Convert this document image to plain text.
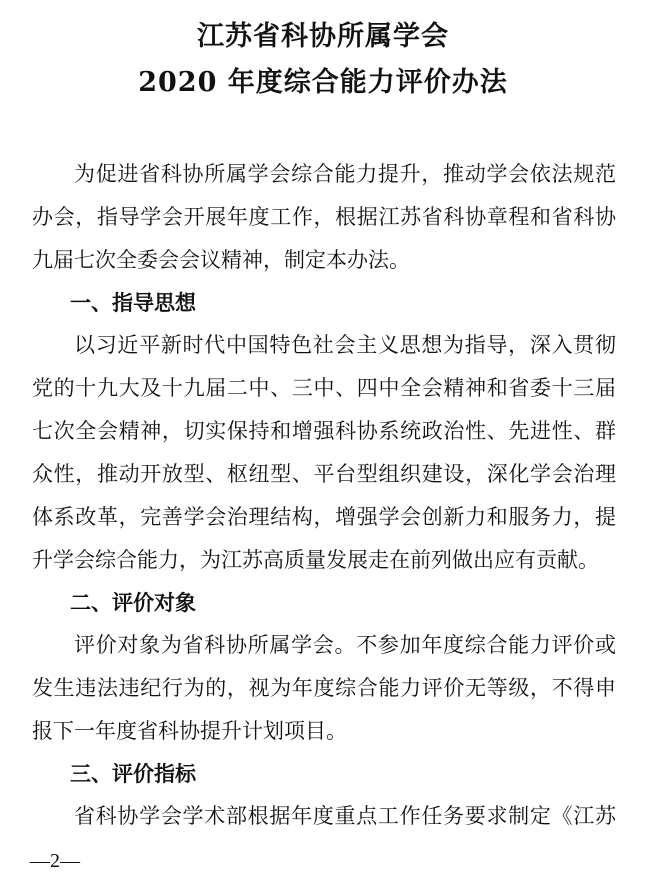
江苏省科协所属学会
2020 年度综合能力评价办法
为促进省科协所属学会综合能力提升，推动学会依法规范
办会，指导学会开展年度工作，根据江苏省科协章程和省科协
九届七次全委会会议精神，制定本办法。
一、指导思想
以习近平新时代中国特色社会主义思想为指导，深入贯彻
党的十九大及十九届二中、三中、四中全会精神和省委十三届
七次全会精神，切实保持和增强科协系统政治性、先进性、群
众性，推动开放型、枢纽型、平台型组织建设，深化学会治理
体系改革，完善学会治理结构，增强学会创新力和服务力，提
升学会综合能力，为江苏高质量发展走在前列做出应有贡献。
二、评价对象
评价对象为省科协所属学会。不参加年度综合能力评价或
发生违法违纪行为的，视为年度综合能力评价无等级，不得申
报下一年度省科协提升计划项目。
三、评价指标
省科协学会学术部根据年度重点工作任务要求制定《江苏
—2—
